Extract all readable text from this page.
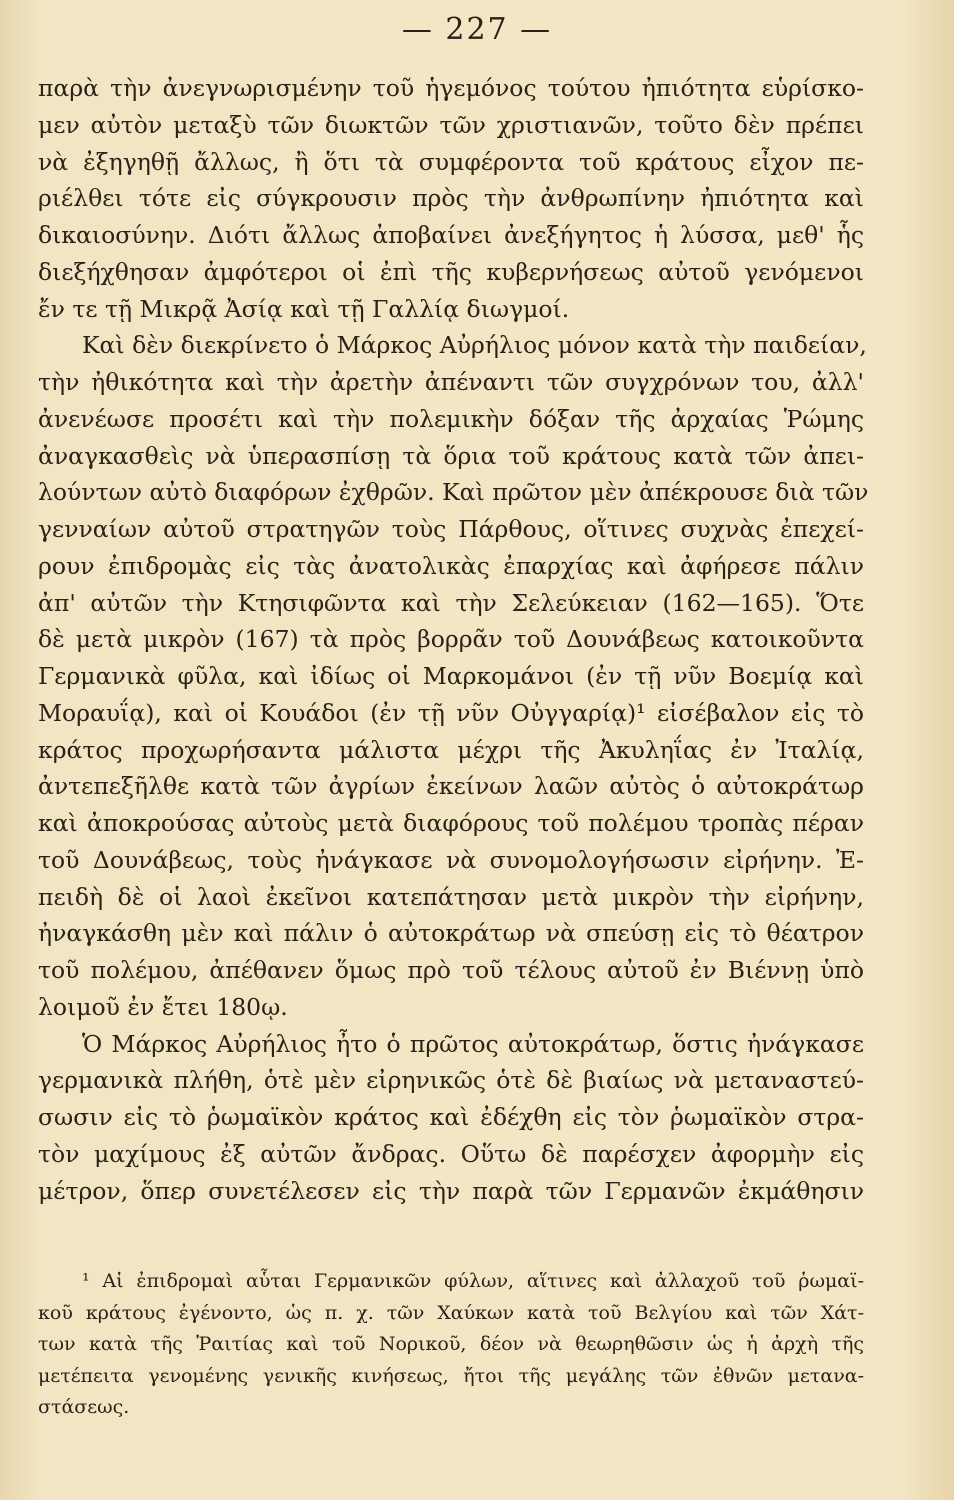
— 227 —
παρὰ τὴν ἀνεγνωρισμένην τοῦ ἡγεμόνος τούτου ἠπιότητα εὑρίσκο-
μεν αὐτὸν μεταξὺ τῶν διωκτῶν τῶν χριστιανῶν, τοῦτο δὲν πρέπει
νὰ ἐξηγηθῇ ἄλλως, ἢ ὅτι τὰ συμφέροντα τοῦ κράτους εἶχον πε-
ριέλθει τότε εἰς σύγκρουσιν πρὸς τὴν ἀνθρωπίνην ἠπιότητα καὶ
δικαιοσύνην. Διότι ἄλλως ἀποβαίνει ἀνεξήγητος ἡ λύσσα, μεθ' ἧς
διεξήχθησαν ἀμφότεροι οἱ ἐπὶ τῆς κυβερνήσεως αὐτοῦ γενόμενοι
ἔν τε τῇ Μικρᾷ Ἀσίᾳ καὶ τῇ Γαλλίᾳ διωγμοί.
Καὶ δὲν διεκρίνετο ὁ Μάρκος Αὐρήλιος μόνον κατὰ τὴν παιδείαν,
τὴν ἠθικότητα καὶ τὴν ἀρετὴν ἀπέναντι τῶν συγχρόνων του, ἀλλ'
ἀνενέωσε προσέτι καὶ τὴν πολεμικὴν δόξαν τῆς ἀρχαίας Ῥώμης
ἀναγκασθεὶς νὰ ὑπερασπίσῃ τὰ ὅρια τοῦ κράτους κατὰ τῶν ἀπει-
λούντων αὐτὸ διαφόρων ἐχθρῶν. Καὶ πρῶτον μὲν ἀπέκρουσε διὰ τῶν
γενναίων αὐτοῦ στρατηγῶν τοὺς Πάρθους, οἵτινες συχνὰς ἐπεχεί-
ρουν ἐπιδρομὰς εἰς τὰς ἀνατολικὰς ἐπαρχίας καὶ ἀφήρεσε πάλιν
ἀπ' αὐτῶν τὴν Κτησιφῶντα καὶ τὴν Σελεύκειαν (162—165). Ὅτε
δὲ μετὰ μικρὸν (167) τὰ πρὸς βορρᾶν τοῦ Δουνάβεως κατοικοῦντα
Γερμανικὰ φῦλα, καὶ ἰδίως οἱ Μαρκομάνοι (ἐν τῇ νῦν Βοεμίᾳ καὶ
Μοραυΐᾳ), καὶ οἱ Κουάδοι (ἐν τῇ νῦν Οὐγγαρίᾳ)¹ εἰσέβαλον εἰς τὸ
κράτος προχωρήσαντα μάλιστα μέχρι τῆς Ἀκυληΐας ἐν Ἰταλίᾳ,
ἀντεπεξῆλθε κατὰ τῶν ἀγρίων ἐκείνων λαῶν αὐτὸς ὁ αὐτοκράτωρ
καὶ ἀποκρούσας αὐτοὺς μετὰ διαφόρους τοῦ πολέμου τροπὰς πέραν
τοῦ Δουνάβεως, τοὺς ἠνάγκασε νὰ συνομολογήσωσιν εἰρήνην. Ἐ-
πειδὴ δὲ οἱ λαοὶ ἐκεῖνοι κατεπάτησαν μετὰ μικρὸν τὴν εἰρήνην,
ἠναγκάσθη μὲν καὶ πάλιν ὁ αὐτοκράτωρ νὰ σπεύσῃ εἰς τὸ θέατρον
τοῦ πολέμου, ἀπέθανεν ὅμως πρὸ τοῦ τέλους αὐτοῦ ἐν Βιέννῃ ὑπὸ
λοιμοῦ ἐν ἔτει 180ῳ.
Ὁ Μάρκος Αὐρήλιος ἦτο ὁ πρῶτος αὐτοκράτωρ, ὅστις ἠνάγκασε
γερμανικὰ πλήθη, ὁτὲ μὲν εἰρηνικῶς ὁτὲ δὲ βιαίως νὰ μεταναστεύ-
σωσιν εἰς τὸ ῥωμαϊκὸν κράτος καὶ ἐδέχθη εἰς τὸν ῥωμαϊκὸν στρα-
τὸν μαχίμους ἐξ αὐτῶν ἄνδρας. Οὕτω δὲ παρέσχεν ἀφορμὴν εἰς
μέτρον, ὅπερ συνετέλεσεν εἰς τὴν παρὰ τῶν Γερμανῶν ἐκμάθησιν
¹ Αἱ ἐπιδρομαὶ αὗται Γερμανικῶν φύλων, αἵτινες καὶ ἀλλαχοῦ τοῦ ῥωμαϊ-
κοῦ κράτους ἐγένοντο, ὡς π. χ. τῶν Χαύκων κατὰ τοῦ Βελγίου καὶ τῶν Χάτ-
των κατὰ τῆς Ῥαιτίας καὶ τοῦ Νορικοῦ, δέον νὰ θεωρηθῶσιν ὡς ἡ ἀρχὴ τῆς
μετέπειτα γενομένης γενικῆς κινήσεως, ἤτοι τῆς μεγάλης τῶν ἐθνῶν μετανα-
στάσεως.
